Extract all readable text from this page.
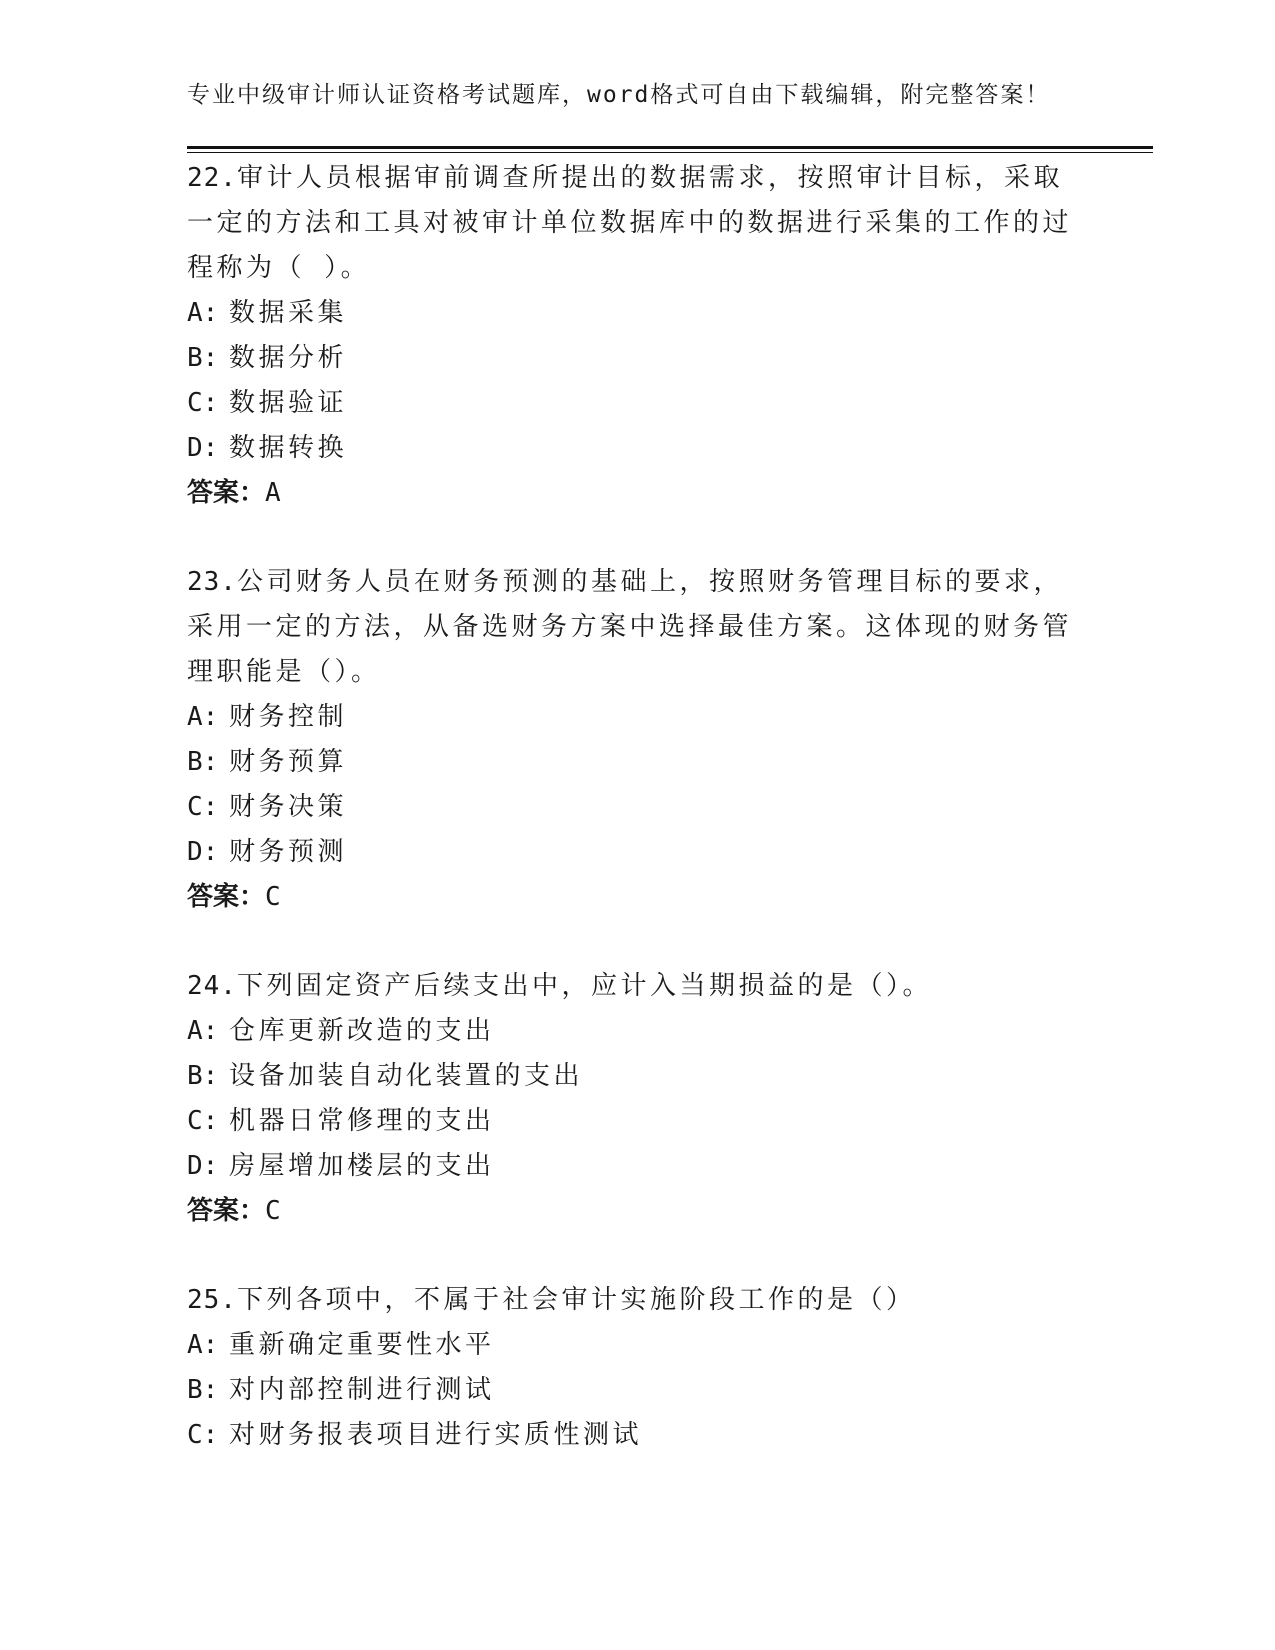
专业中级审计师认证资格考试题库，word格式可自由下载编辑，附完整答案！

22.审计人员根据审前调查所提出的数据需求，按照审计目标，采取一定的方法和工具对被审计单位数据库中的数据进行采集的工作的过程称为（ ）。

A: 数据采集

B: 数据分析

C: 数据验证

D: 数据转换

答案：A

23.公司财务人员在财务预测的基础上，按照财务管理目标的要求，采用一定的方法，从备选财务方案中选择最佳方案。这体现的财务管理职能是（）。

A: 财务控制

B: 财务预算

C: 财务决策

D: 财务预测

答案：C

24.下列固定资产后续支出中，应计入当期损益的是（）。

A: 仓库更新改造的支出

B: 设备加装自动化装置的支出

C: 机器日常修理的支出

D: 房屋增加楼层的支出

答案：C

25.下列各项中，不属于社会审计实施阶段工作的是（）

A: 重新确定重要性水平

B: 对内部控制进行测试

C: 对财务报表项目进行实质性测试
